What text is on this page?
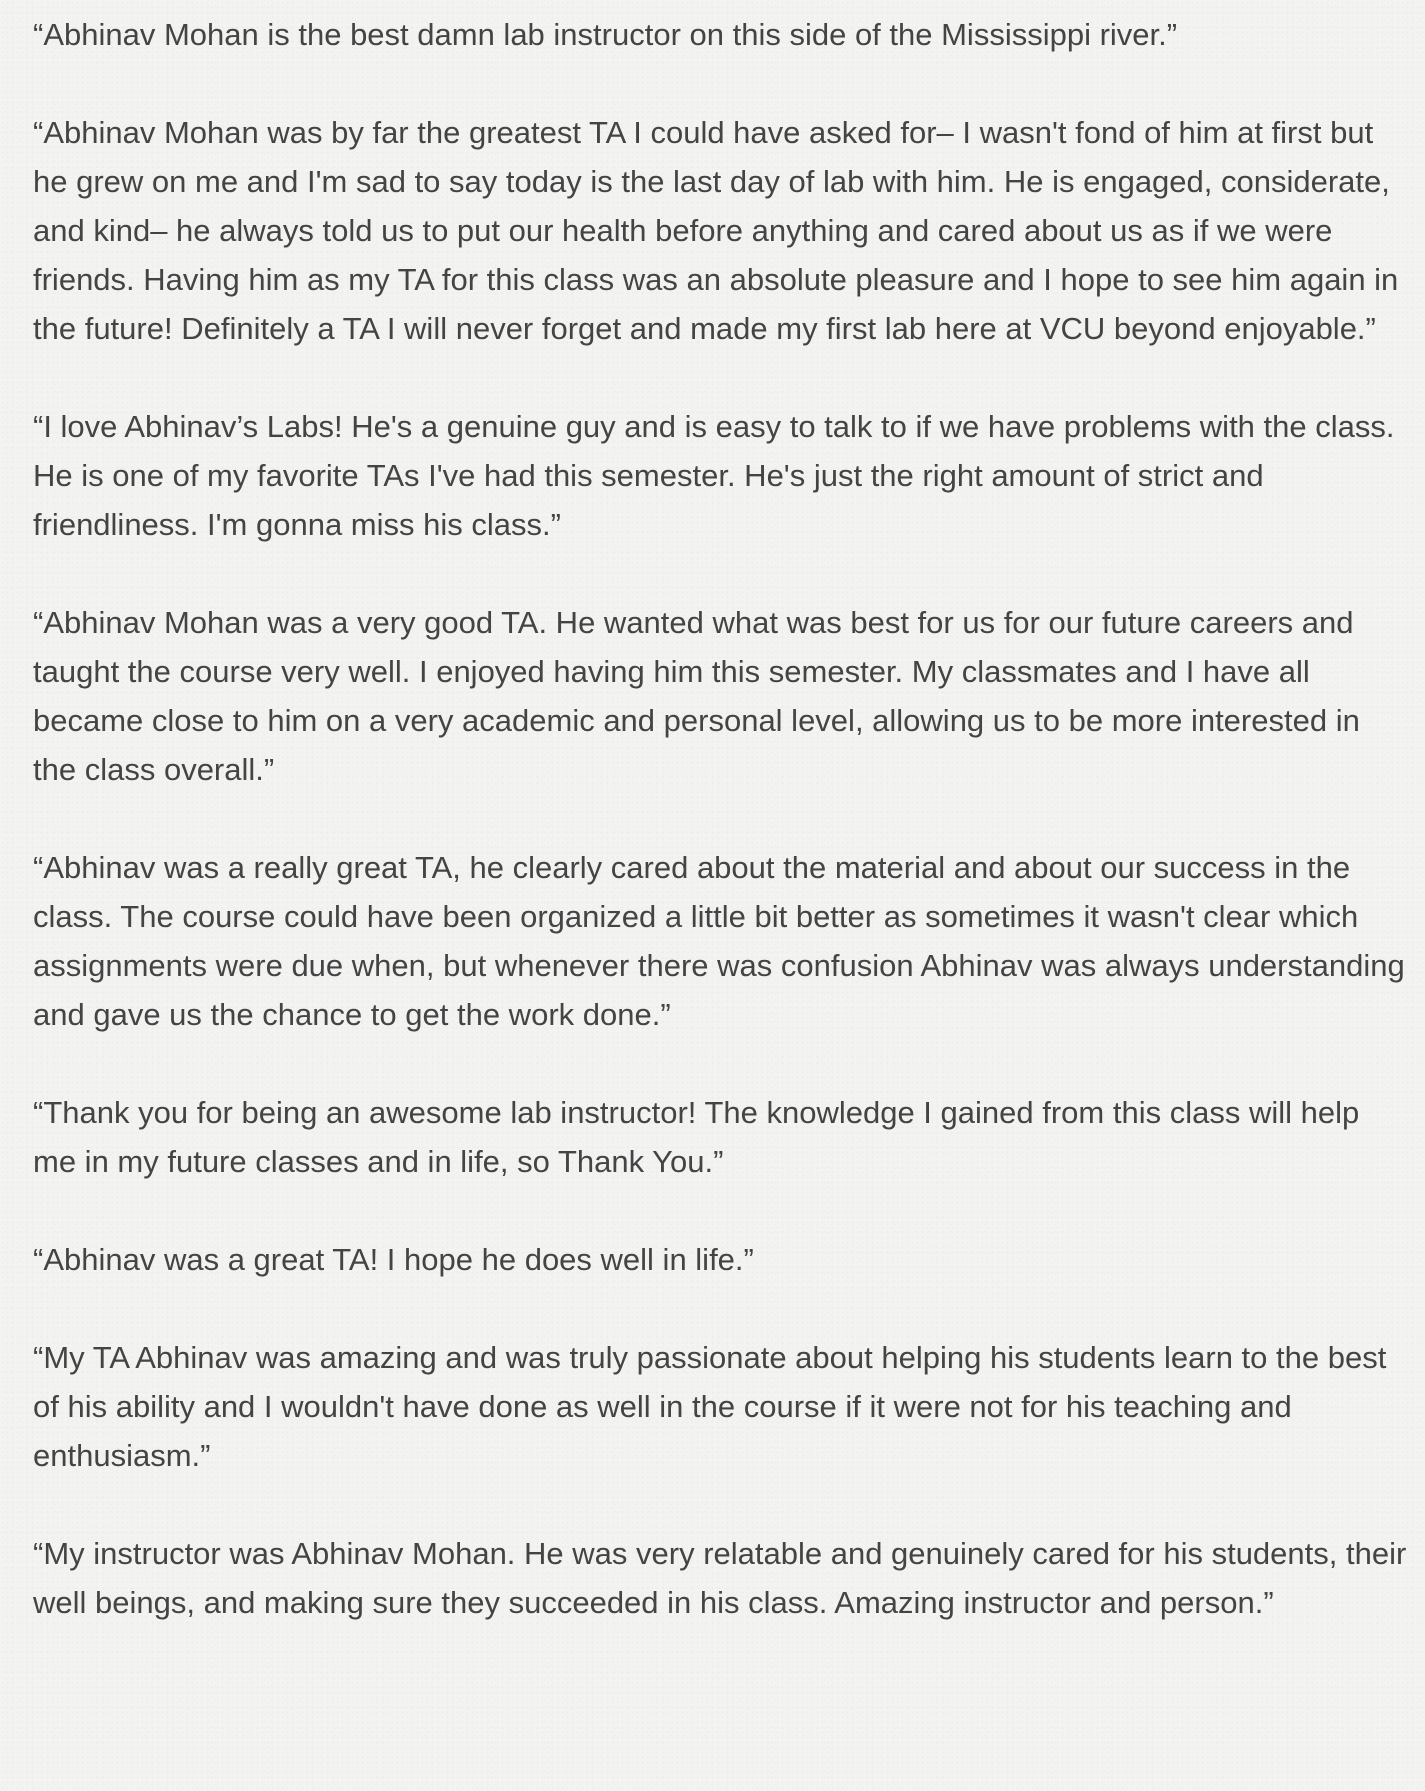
“Abhinav Mohan is the best damn lab instructor on this side of the Mississippi river.”

“Abhinav Mohan was by far the greatest TA I could have asked for– I wasn't fond of him at first but he grew on me and I'm sad to say today is the last day of lab with him. He is engaged, considerate, and kind– he always told us to put our health before anything and cared about us as if we were friends. Having him as my TA for this class was an absolute pleasure and I hope to see him again in the future! Definitely a TA I will never forget and made my first lab here at VCU beyond enjoyable.”

“I love Abhinav’s Labs! He's a genuine guy and is easy to talk to if we have problems with the class. He is one of my favorite TAs I've had this semester. He's just the right amount of strict and friendliness. I'm gonna miss his class.”

“Abhinav Mohan was a very good TA. He wanted what was best for us for our future careers and taught the course very well. I enjoyed having him this semester. My classmates and I have all became close to him on a very academic and personal level, allowing us to be more interested in the class overall.”

“Abhinav was a really great TA, he clearly cared about the material and about our success in the class. The course could have been organized a little bit better as sometimes it wasn't clear which assignments were due when, but whenever there was confusion Abhinav was always understanding and gave us the chance to get the work done.”

“Thank you for being an awesome lab instructor! The knowledge I gained from this class will help me in my future classes and in life, so Thank You.”

“Abhinav was a great TA! I hope he does well in life.”

“My TA Abhinav was amazing and was truly passionate about helping his students learn to the best of his ability and I wouldn't have done as well in the course if it were not for his teaching and enthusiasm.”

“My instructor was Abhinav Mohan. He was very relatable and genuinely cared for his students, their well beings, and making sure they succeeded in his class. Amazing instructor and person.”
